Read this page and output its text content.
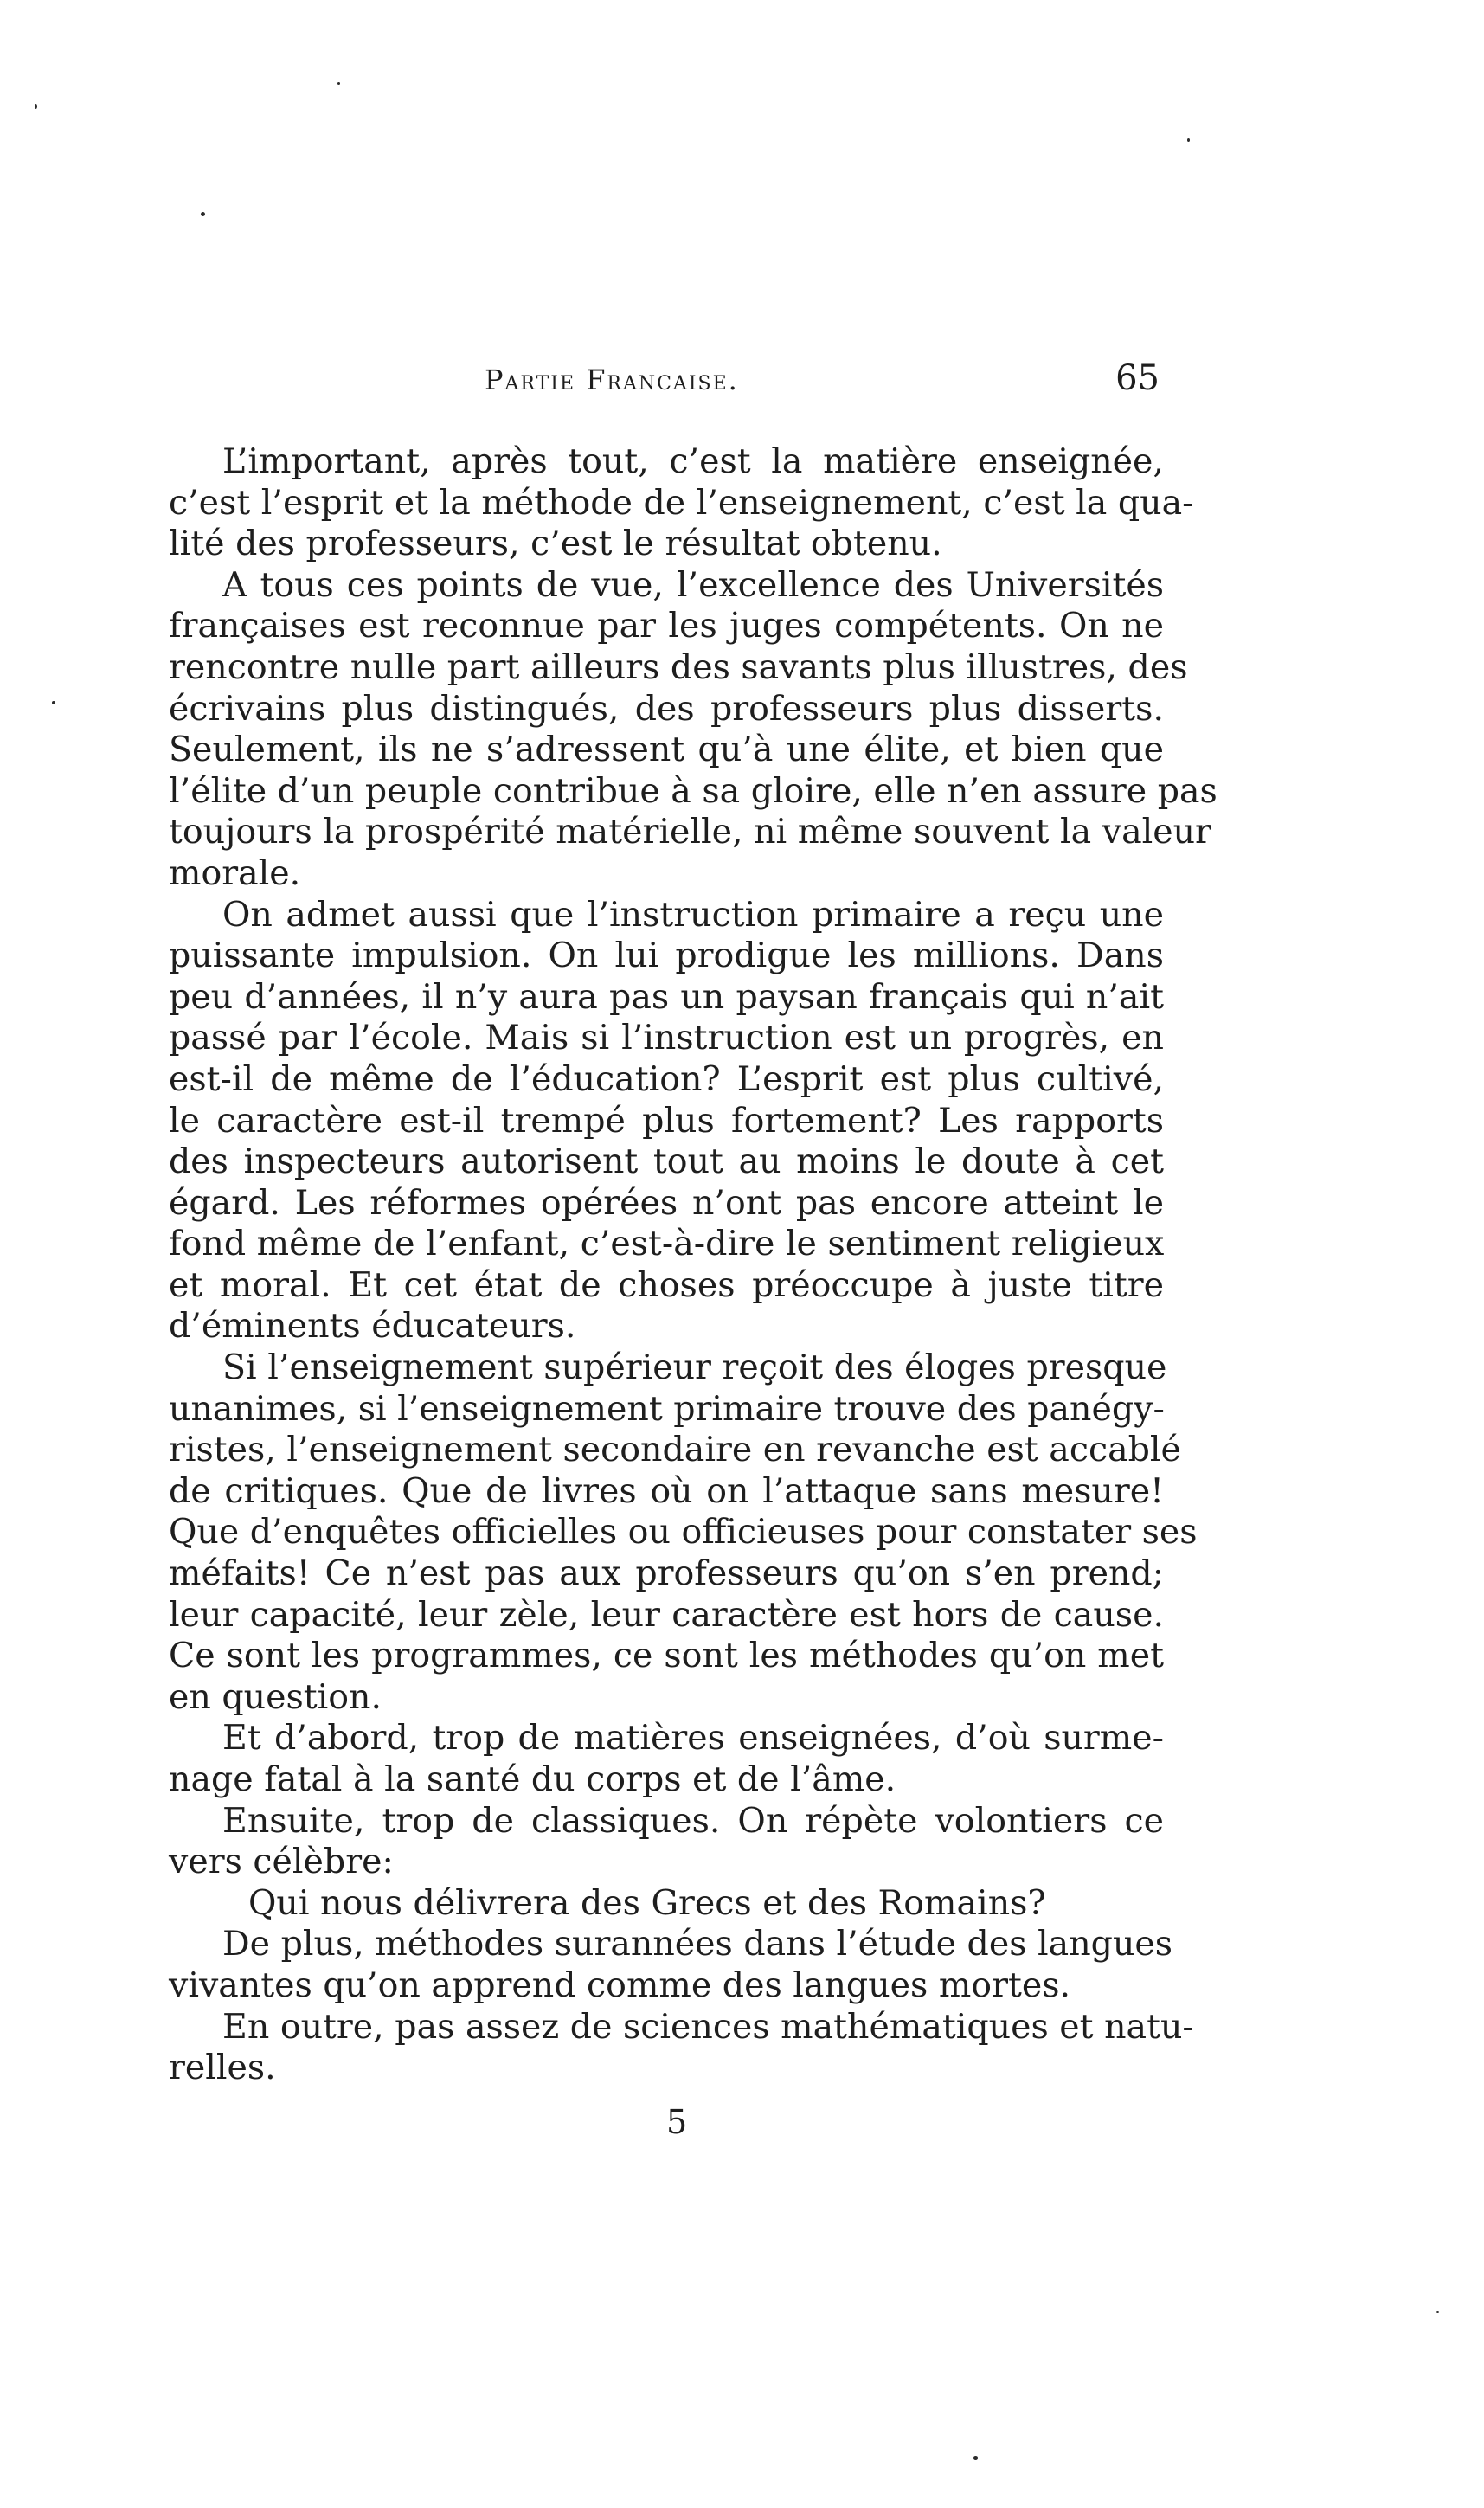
Partie Francaise.	65
L’important, après tout, c’est la matière enseignée,
c’est l’esprit et la méthode de l’enseignement, c’est la qua-
lité des professeurs, c’est le résultat obtenu.
A tous ces points de vue, l’excellence des Universités
françaises est reconnue par les juges compétents. On ne
rencontre nulle part ailleurs des savants plus illustres, des
écrivains plus distingués, des professeurs plus disserts.
Seulement, ils ne s’adressent qu’à une élite, et bien que
l’élite d’un peuple contribue à sa gloire, elle n’en assure pas
toujours la prospérité matérielle, ni même souvent la valeur
morale.
On admet aussi que l’instruction primaire a reçu une
puissante impulsion. On lui prodigue les millions. Dans
peu d’années, il n’y aura pas un paysan français qui n’ait
passé par l’école. Mais si l’instruction est un progrès, en
est-il de même de l’éducation? L’esprit est plus cultivé,
le caractère est-il trempé plus fortement? Les rapports
des inspecteurs autorisent tout au moins le doute à cet
égard. Les réformes opérées n’ont pas encore atteint le
fond même de l’enfant, c’est-à-dire le sentiment religieux
et moral. Et cet état de choses préoccupe à juste titre
d’éminents éducateurs.
Si l’enseignement supérieur reçoit des éloges presque
unanimes, si l’enseignement primaire trouve des panégy-
ristes, l’enseignement secondaire en revanche est accablé
de critiques. Que de livres où on l’attaque sans mesure!
Que d’enquêtes officielles ou officieuses pour constater ses
méfaits! Ce n’est pas aux professeurs qu’on s’en prend;
leur capacité, leur zèle, leur caractère est hors de cause.
Ce sont les programmes, ce sont les méthodes qu’on met
en question.
Et d’abord, trop de matières enseignées, d’où surme-
nage fatal à la santé du corps et de l’âme.
Ensuite, trop de classiques. On répète volontiers ce
vers célèbre:
Qui nous délivrera des Grecs et des Romains?
De plus, méthodes surannées dans l’étude des langues
vivantes qu’on apprend comme des langues mortes.
En outre, pas assez de sciences mathématiques et natu-
relles.
5
